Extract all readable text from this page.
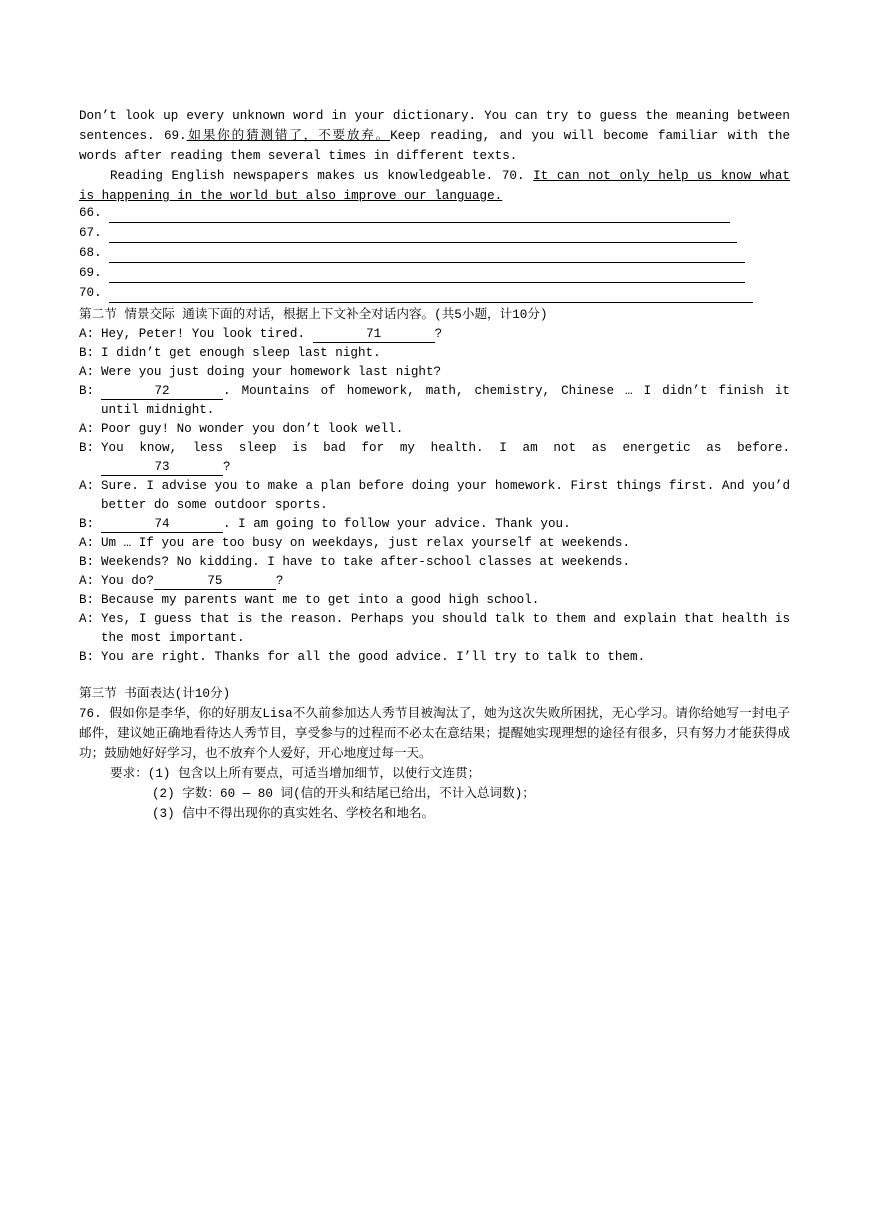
Don’t look up every unknown word in your dictionary. You can try to guess the meaning between sentences. 69.如果你的猜测错了，不要放弃。Keep reading, and you will become familiar with the words after reading them several times in different texts.

Reading English newspapers makes us knowledgeable. 70. It can not only help us know what is happening in the world but also improve our language.

66.
67.
68.
69.
70.

第二节 情景交际 通读下面的对话，根据上下文补全对话内容。(共5小题，计10分)

A: Hey, Peter! You look tired.	71	?

B: I didn’t get enough sleep last night.

A: Were you just doing your homework last night?

B:	72	. Mountains of homework, math, chemistry, Chinese … I didn’t finish it until midnight.

A: Poor guy! No wonder you don’t look well.

B: You know, less sleep is bad for my health. I am not as energetic as before. 73	?

A: Sure. I advise you to make a plan before doing your homework. First things first. And you’d better do some outdoor sports.

B:	74	. I am going to follow your advice. Thank you.

A: Um … If you are too busy on weekdays, just relax yourself at weekends.

B: Weekends? No kidding. I have to take after-school classes at weekends.

A: You do?	75	?

B: Because my parents want me to get into a good high school.

A: Yes, I guess that is the reason. Perhaps you should talk to them and explain that health is the most important.

B: You are right. Thanks for all the good advice. I’ll try to talk to them.

第三节 书面表达(计10分)

76. 假如你是李华，你的好朋友Lisa不久前参加达人秀节目被淘汰了，她为这次失败所困扰，无心学习。请你给她写一封电子邮件，建议她正确地看待达人秀节目，享受参与的过程而不必太在意结果；提醒她实现理想的途径有很多，只有努力才能获得成功；鼓励她好好学习，也不放弃个人爱好，开心地度过每一天。

要求：(1) 包含以上所有要点，可适当增加细节，以使行文连贯；

(2) 字数：60 — 80 词(信的开头和结尾已给出，不计入总词数)；

(3) 信中不得出现你的真实姓名、学校名和地名。
